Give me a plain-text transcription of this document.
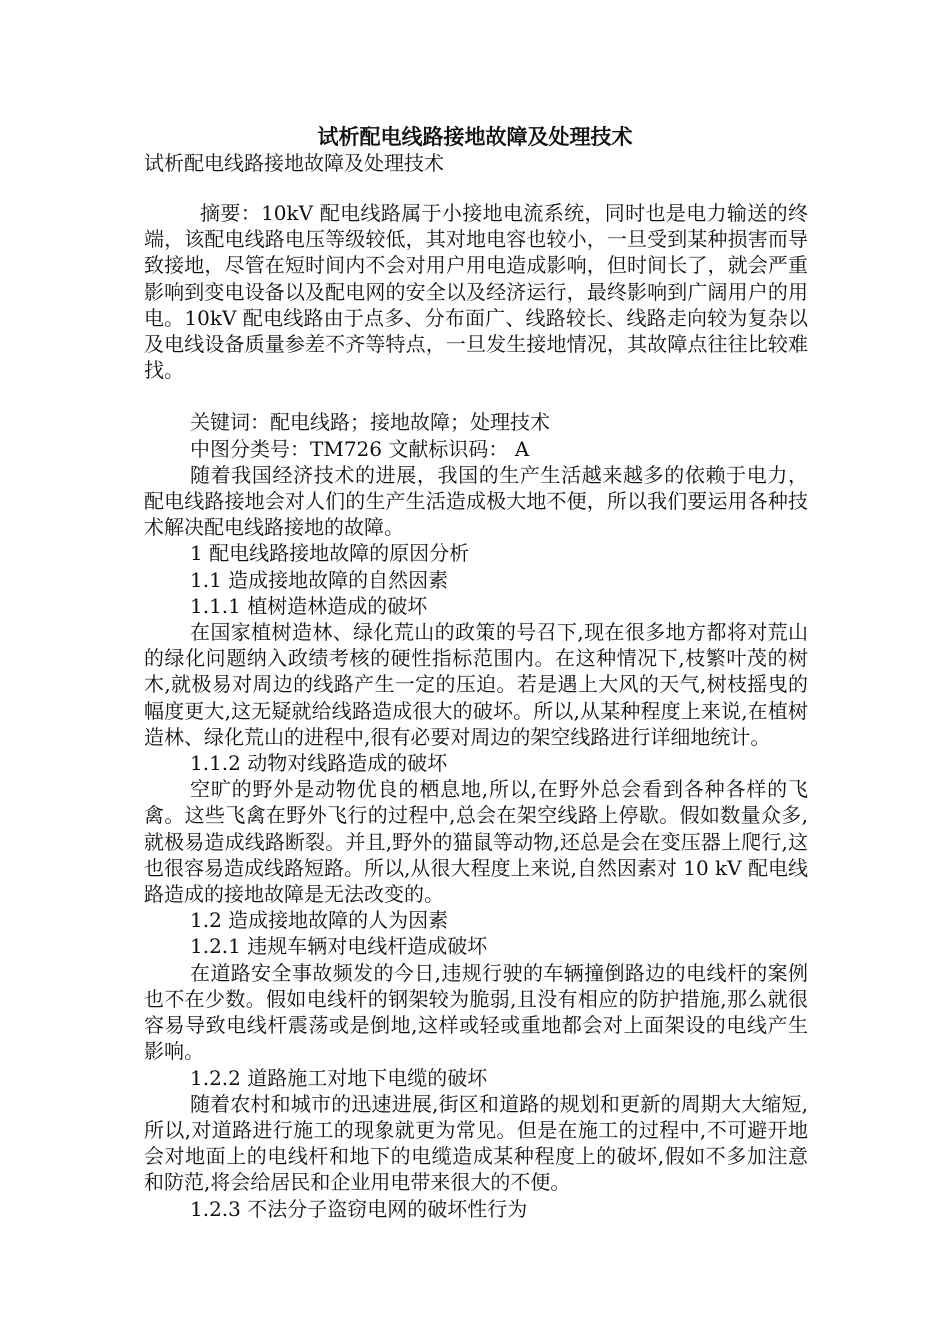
试析配电线路接地故障及处理技术
试析配电线路接地故障及处理技术

摘要：10kV 配电线路属于小接地电流系统，同时也是电力输送的终端，该配电线路电压等级较低，其对地电容也较小，一旦受到某种损害而导致接地，尽管在短时间内不会对用户用电造成影响，但时间长了，就会严重影响到变电设备以及配电网的安全以及经济运行，最终影响到广阔用户的用电。10kV 配电线路由于点多、分布面广、线路较长、线路走向较为复杂以及电线设备质量参差不齐等特点，一旦发生接地情况，其故障点往往比较难找。

关键词：配电线路；接地故障；处理技术

中图分类号：TM726 文献标识码： A

随着我国经济技术的进展，我国的生产生活越来越多的依赖于电力，配电线路接地会对人们的生产生活造成极大地不便，所以我们要运用各种技术解决配电线路接地的故障。

1 配电线路接地故障的原因分析

1.1 造成接地故障的自然因素

1.1.1 植树造林造成的破坏

在国家植树造林、绿化荒山的政策的号召下,现在很多地方都将对荒山的绿化问题纳入政绩考核的硬性指标范围内。在这种情况下,枝繁叶茂的树木,就极易对周边的线路产生一定的压迫。若是遇上大风的天气,树枝摇曳的幅度更大,这无疑就给线路造成很大的破坏。所以,从某种程度上来说,在植树造林、绿化荒山的进程中,很有必要对周边的架空线路进行详细地统计。

1.1.2 动物对线路造成的破坏

空旷的野外是动物优良的栖息地,所以,在野外总会看到各种各样的飞禽。这些飞禽在野外飞行的过程中,总会在架空线路上停歇。假如数量众多,就极易造成线路断裂。并且,野外的猫鼠等动物,还总是会在变压器上爬行,这也很容易造成线路短路。所以,从很大程度上来说,自然因素对 10 kV 配电线路造成的接地故障是无法改变的。

1.2 造成接地故障的人为因素

1.2.1 违规车辆对电线杆造成破坏

在道路安全事故频发的今日,违规行驶的车辆撞倒路边的电线杆的案例也不在少数。假如电线杆的钢架较为脆弱,且没有相应的防护措施,那么就很容易导致电线杆震荡或是倒地,这样或轻或重地都会对上面架设的电线产生影响。

1.2.2 道路施工对地下电缆的破坏

随着农村和城市的迅速进展,街区和道路的规划和更新的周期大大缩短,所以,对道路进行施工的现象就更为常见。但是在施工的过程中,不可避开地会对地面上的电线杆和地下的电缆造成某种程度上的破坏,假如不多加注意和防范,将会给居民和企业用电带来很大的不便。

1.2.3 不法分子盗窃电网的破坏性行为
